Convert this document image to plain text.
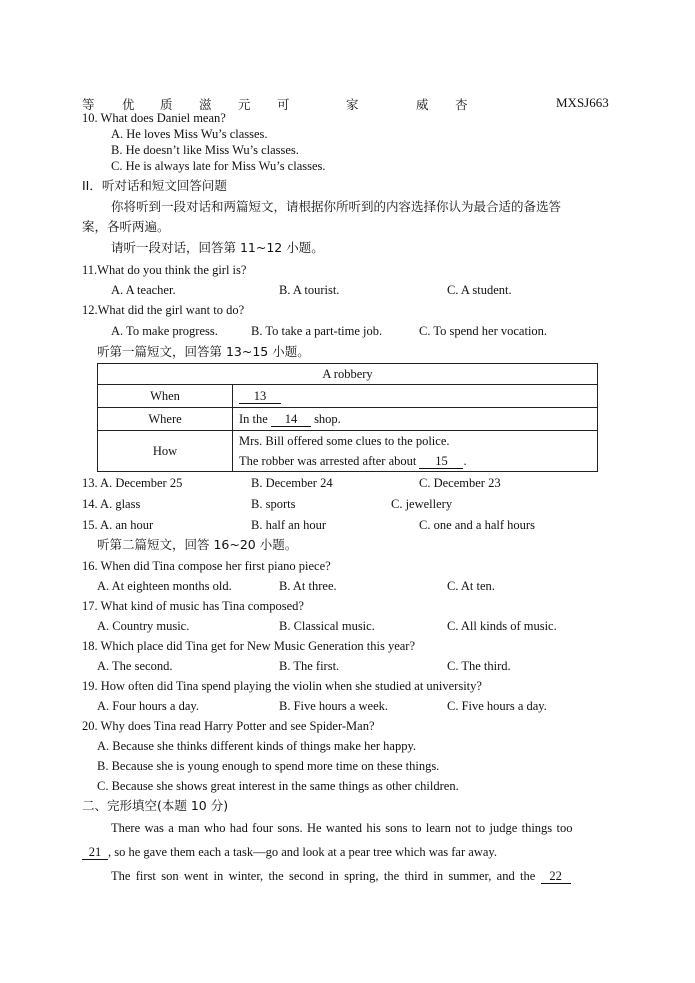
等 优 质 滋 元 可	家	威 杏	MXSJ663
10. What does Daniel mean?
A. He loves Miss Wu’s classes.
B. He doesn’t like Miss Wu’s classes.
C. He is always late for Miss Wu’s classes.
II．听对话和短文回答问题
你将听到一段对话和两篇短文，请根据你所听到的内容选择你认为最合适的备选答
案，各听两遍。
请听一段对话，回答第 11~12 小题。
11.What do you think the girl is?
A. A teacher.	B. A tourist.	C. A student.
12.What did the girl want to do?
A. To make progress.	B. To take a part-time job.	C. To spend her vocation.
听第一篇短文，回答第 13~15 小题。
A robbery	
When	13
Where	In the 14 shop.
How	Mrs. Bill offered some clues to the police.
The robber was arrested after about 15 .
13. A. December 25	B. December 24	C. December 23
14. A. glass	B. sports	C. jewellery
15. A. an hour	B. half an hour	C. one and a half hours
听第二篇短文，回答 16~20 小题。
16. When did Tina compose her first piano piece?
A. At eighteen months old.	B. At three.	C. At ten.
17. What kind of music has Tina composed?
A. Country music.	B. Classical music.	C. All kinds of music.
18. Which place did Tina get for New Music Generation this year?
A. The second.	B. The first.	C. The third.
19. How often did Tina spend playing the violin when she studied at university?
A. Four hours a day.	B. Five hours a week.	C. Five hours a day.
20. Why does Tina read Harry Potter and see Spider-Man?
A. Because she thinks different kinds of things make her happy.
B. Because she is young enough to spend more time on these things.
C. Because she shows great interest in the same things as other children.
二、完形填空(本题 10 分)
There was a man who had four sons. He wanted his sons to learn not to judge things too
21 , so he gave them each a task—go and look at a pear tree which was far away.
The first son went in winter, the second in spring, the third in summer, and the 22
